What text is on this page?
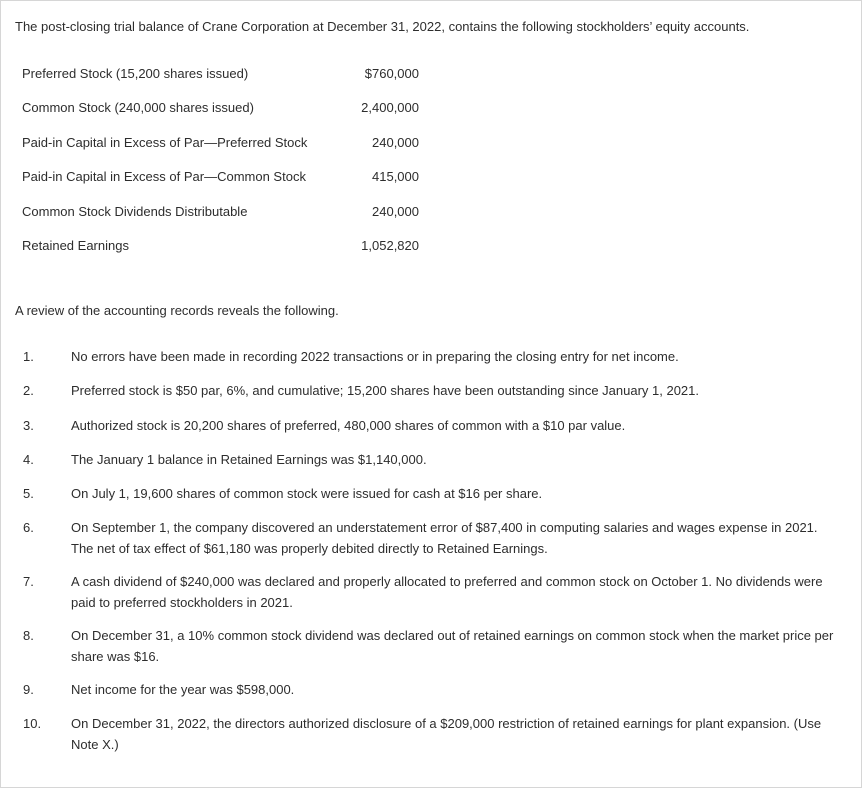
The post-closing trial balance of Crane Corporation at December 31, 2022, contains the following stockholders’ equity accounts.
Preferred Stock (15,200 shares issued)	$760,000
Common Stock (240,000 shares issued)	2,400,000
Paid-in Capital in Excess of Par—Preferred Stock	240,000
Paid-in Capital in Excess of Par—Common Stock	415,000
Common Stock Dividends Distributable	240,000
Retained Earnings	1,052,820
A review of the accounting records reveals the following.
1.	No errors have been made in recording 2022 transactions or in preparing the closing entry for net income.
2.	Preferred stock is $50 par, 6%, and cumulative; 15,200 shares have been outstanding since January 1, 2021.
3.	Authorized stock is 20,200 shares of preferred, 480,000 shares of common with a $10 par value.
4.	The January 1 balance in Retained Earnings was $1,140,000.
5.	On July 1, 19,600 shares of common stock were issued for cash at $16 per share.
6.	On September 1, the company discovered an understatement error of $87,400 in computing salaries and wages expense in 2021. The net of tax effect of $61,180 was properly debited directly to Retained Earnings.
7.	A cash dividend of $240,000 was declared and properly allocated to preferred and common stock on October 1. No dividends were paid to preferred stockholders in 2021.
8.	On December 31, a 10% common stock dividend was declared out of retained earnings on common stock when the market price per share was $16.
9.	Net income for the year was $598,000.
10. On December 31, 2022, the directors authorized disclosure of a $209,000 restriction of retained earnings for plant expansion. (Use Note X.)
